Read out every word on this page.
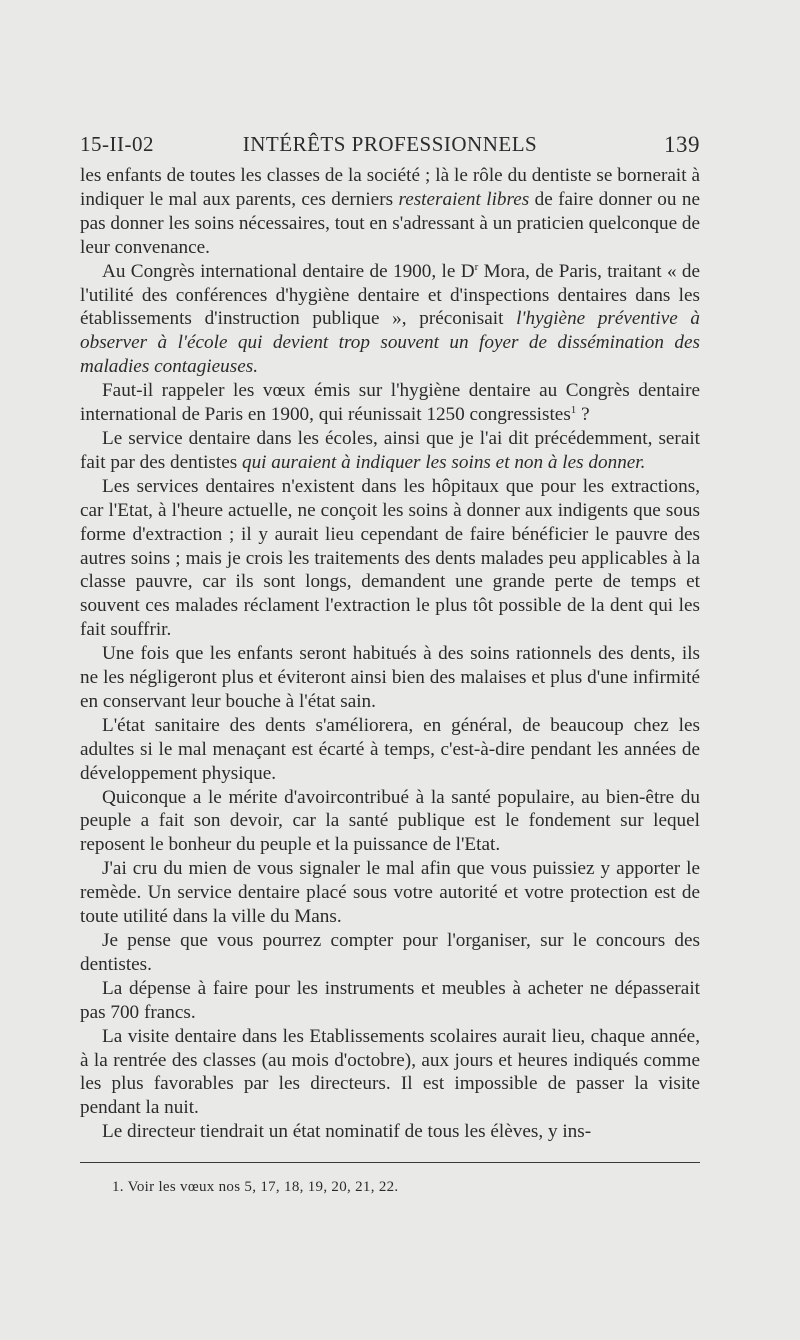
15-II-02	INTÉRÊTS PROFESSIONNELS	139

les enfants de toutes les classes de la société ; là le rôle du dentiste se bornerait à indiquer le mal aux parents, ces derniers resteraient libres de faire donner ou ne pas donner les soins nécessaires, tout en s'adressant à un praticien quelconque de leur convenance.

Au Congrès international dentaire de 1900, le $D^r$ Mora, de Paris, traitant « de l'utilité des conférences d'hygiène dentaire et d'inspections dentaires dans les établissements d'instruction publique », préconisait l'hygiène préventive à observer à l'école qui devient trop souvent un foyer de dissémination des maladies contagieuses.

Faut-il rappeler les vœux émis sur l'hygiène dentaire au Congrès dentaire international de Paris en 1900, qui réunissait 1250 congressistes$^1$ ?

Le service dentaire dans les écoles, ainsi que je l'ai dit précédemment, serait fait par des dentistes qui auraient à indiquer les soins et non à les donner.

Les services dentaires n'existent dans les hôpitaux que pour les extractions, car l'Etat, à l'heure actuelle, ne conçoit les soins à donner aux indigents que sous forme d'extraction ; il y aurait lieu cependant de faire bénéficier le pauvre des autres soins ; mais je crois les traitements des dents malades peu applicables à la classe pauvre, car ils sont longs, demandent une grande perte de temps et souvent ces malades réclament l'extraction le plus tôt possible de la dent qui les fait souffrir.

Une fois que les enfants seront habitués à des soins rationnels des dents, ils ne les négligeront plus et éviteront ainsi bien des malaises et plus d'une infirmité en conservant leur bouche à l'état sain.

L'état sanitaire des dents s'améliorera, en général, de beaucoup chez les adultes si le mal menaçant est écarté à temps, c'est-à-dire pendant les années de développement physique.

Quiconque a le mérite d'avoircontribué à la santé populaire, au bien-être du peuple a fait son devoir, car la santé publique est le fondement sur lequel reposent le bonheur du peuple et la puissance de l'Etat.

J'ai cru du mien de vous signaler le mal afin que vous puissiez y apporter le remède. Un service dentaire placé sous votre autorité et votre protection est de toute utilité dans la ville du Mans.

Je pense que vous pourrez compter pour l'organiser, sur le concours des dentistes.

La dépense à faire pour les instruments et meubles à acheter ne dépasserait pas 700 francs.

La visite dentaire dans les Etablissements scolaires aurait lieu, chaque année, à la rentrée des classes (au mois d'octobre), aux jours et heures indiqués comme les plus favorables par les directeurs. Il est impossible de passer la visite pendant la nuit.

Le directeur tiendrait un état nominatif de tous les élèves, y ins-

1. Voir les vœux nos 5, 17, 18, 19, 20, 21, 22.
